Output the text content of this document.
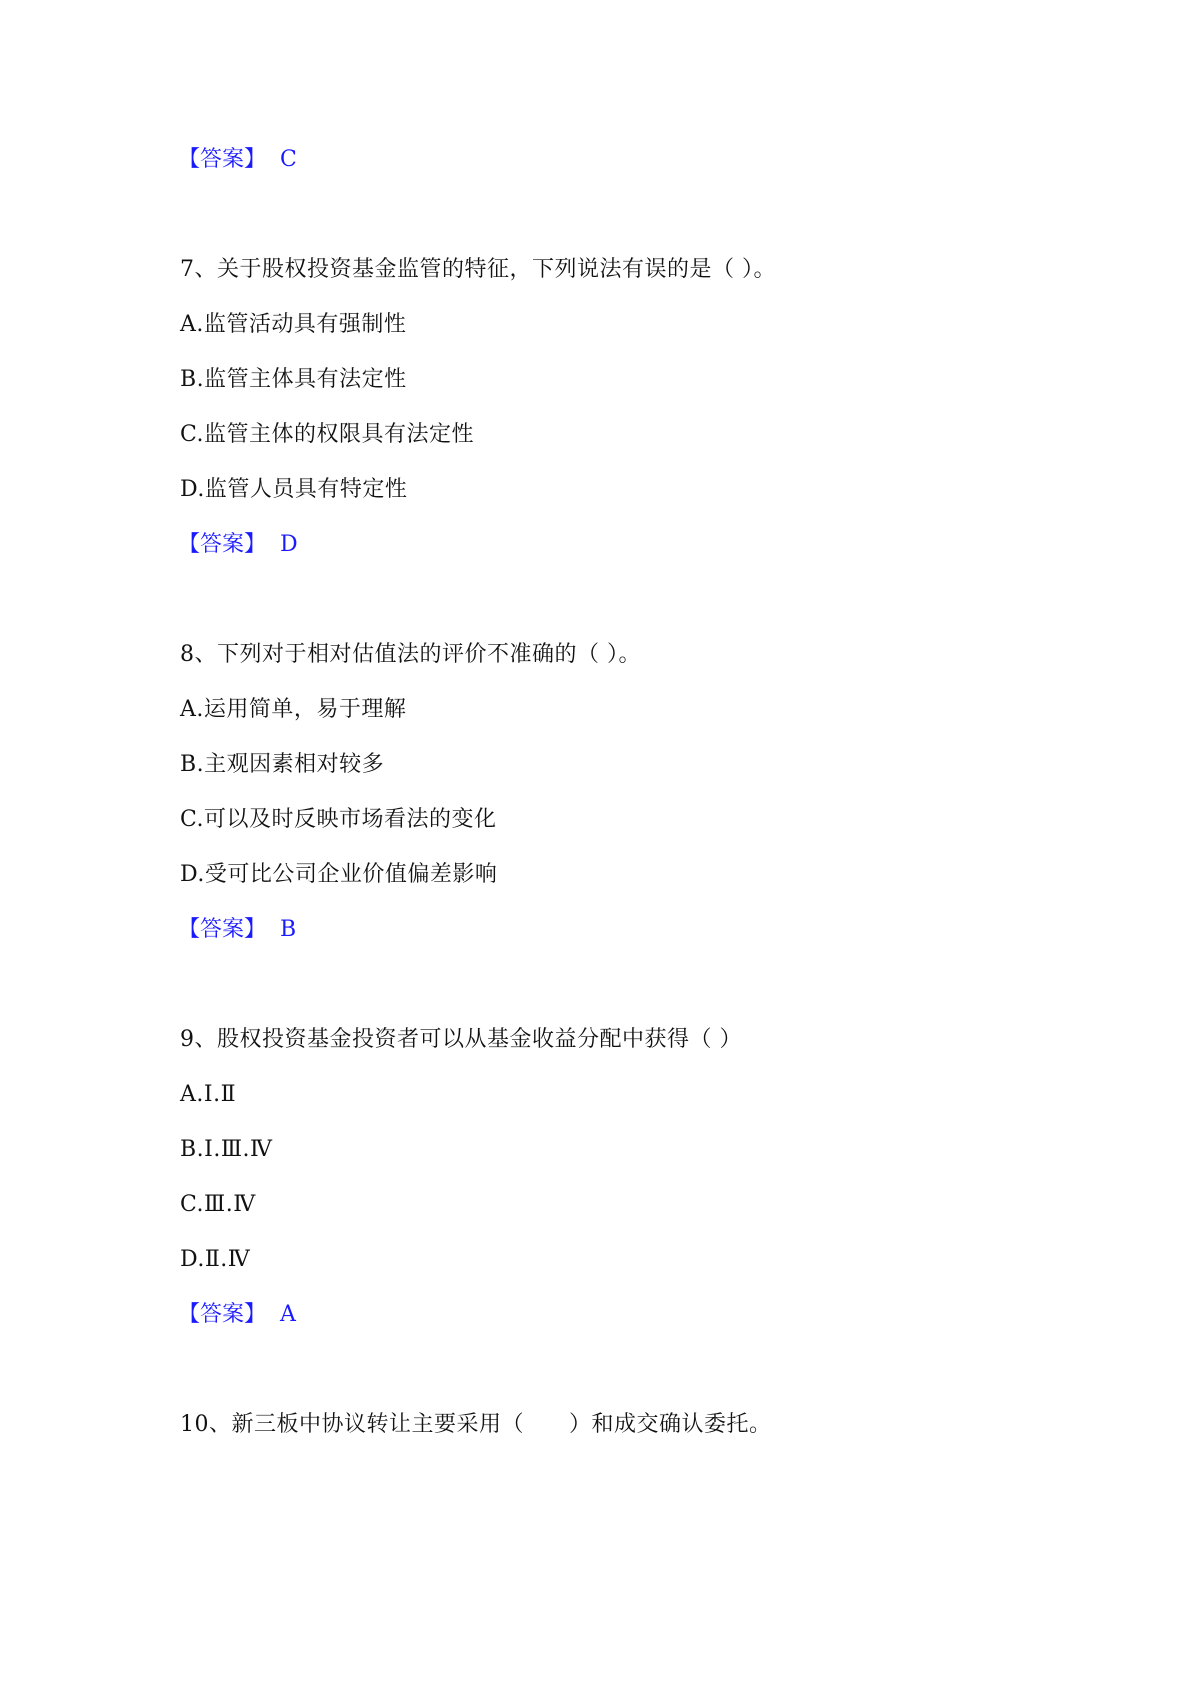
【答案】 C
7、关于股权投资基金监管的特征，下列说法有误的是（ ）。
A.监管活动具有强制性
B.监管主体具有法定性
C.监管主体的权限具有法定性
D.监管人员具有特定性
【答案】 D
8、下列对于相对估值法的评价不准确的（ ）。
A.运用简单，易于理解
B.主观因素相对较多
C.可以及时反映市场看法的变化
D.受可比公司企业价值偏差影响
【答案】 B
9、股权投资基金投资者可以从基金收益分配中获得（ ）
A.Ⅰ.Ⅱ
B.Ⅰ.Ⅲ.Ⅳ
C.Ⅲ.Ⅳ
D.Ⅱ.Ⅳ
【答案】 A
10、新三板中协议转让主要采用（　　）和成交确认委托。
